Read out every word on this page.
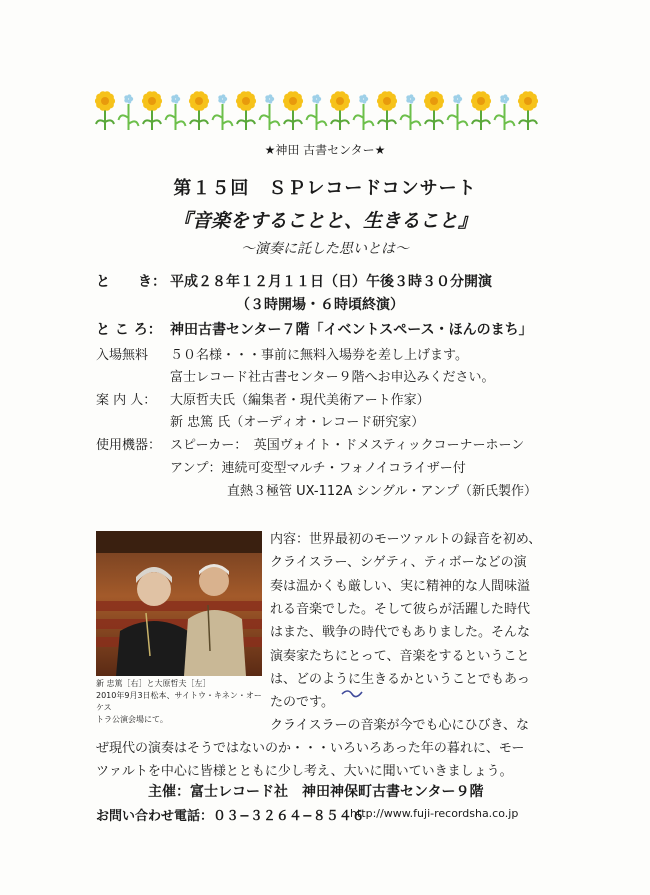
★神田 古書センター★
第１５回　ＳＰレコードコンサート
『音楽をすることと、生きること』
〜演奏に託した思いとは〜
と　　き： 平成２８年１２月１１日（日）午後３時３０分開演
（３時開場・６時頃終演）
と こ ろ： 神田古書センター７階「イベントスペース・ほんのまち」
入場無料 ５０名様・・・事前に無料入場券を差し上げます。
富士レコード社古書センター９階へお申込みください。
案 内 人： 大原哲夫氏（編集者・現代美術アート作家）
新 忠篤 氏（オーディオ・レコード研究家）
使用機器： スピーカー：　英国ヴォイト・ドメスティックコーナーホーン
アンプ：連続可変型マルチ・フォノイコライザー付
直熱３極管 UX-112A シングル・アンプ（新氏製作）
新 忠篤［右］と大原哲夫［左］
2010年9月3日松本、サイトウ・キネン・オーケス
トラ公演会場にて。
内容：世界最初のモーツァルトの録音を初め、
クライスラー、シゲティ、ティボーなどの演
奏は温かくも厳しい、実に精神的な人間味溢
れる音楽でした。そして彼らが活躍した時代
はまた、戦争の時代でもありました。そんな
演奏家たちにとって、音楽をするということ
は、どのように生きるかということでもあっ
たのです。
クライスラーの音楽が今でも心にひびき、な
ぜ現代の演奏はそうではないのか・・・いろいろあった年の暮れに、モー
ツァルトを中心に皆様とともに少し考え、大いに聞いていきましょう。
主催：富士レコード社　神田神保町古書センター９階
お問い合わせ電話：０３−３２６４−８５４６
http://www.fuji-recordsha.co.jp
